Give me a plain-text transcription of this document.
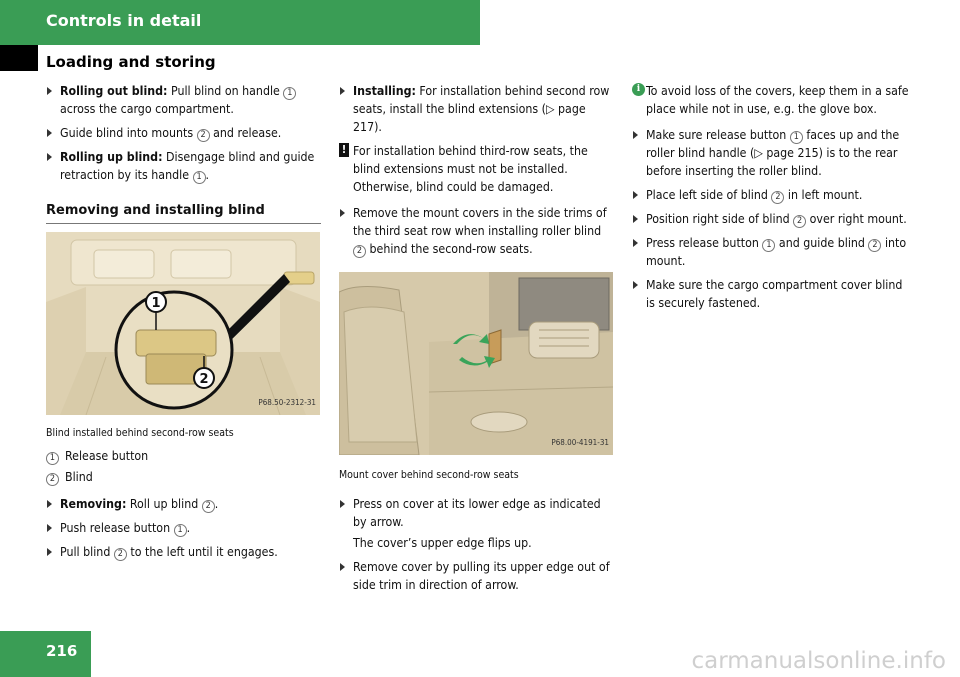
Controls in detail
Loading and storing
Rolling out blind: Pull blind on handle 1 across the cargo compartment.
Guide blind into mounts 2 and release.
Rolling up blind: Disengage blind and guide retraction by its handle 1 .
Removing and installing blind
1
2
P68.50-2312-31
Blind installed behind second-row seats
1 Release button
2 Blind
Removing: Roll up blind 2 .
Push release button 1 .
Pull blind 2 to the left until it engages.
Installing: For installation behind second row seats, install the blind extensions (▷ page 217).
! For installation behind third-row seats, the blind extensions must not be installed. Otherwise, blind could be damaged.
Remove the mount covers in the side trims of the third seat row when installing roller blind 2 behind the second-row seats.
P68.00-4191-31
Mount cover behind second-row seats
Press on cover at its lower edge as indicated by arrow.
The cover’s upper edge flips up.
Remove cover by pulling its upper edge out of side trim in direction of arrow.
i To avoid loss of the covers, keep them in a safe place while not in use, e.g. the glove box.
Make sure release button 1 faces up and the roller blind handle (▷ page 215) is to the rear before inserting the roller blind.
Place left side of blind 2 in left mount.
Position right side of blind 2 over right mount.
Press release button 1 and guide blind 2 into mount.
Make sure the cargo compartment cover blind is securely fastened.
216	carmanualsonline.info
